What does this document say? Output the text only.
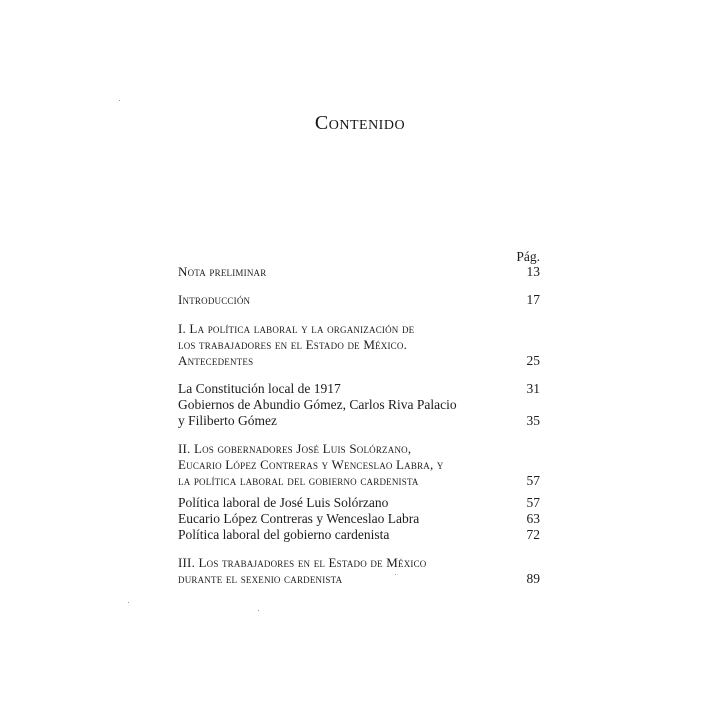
Contenido
Pág.
Nota preliminar	13
Introducción	17
I. La política laboral y la organización de
los trabajadores en el Estado de México.
Antecedentes	25
La Constitución local de 1917	31
Gobiernos de Abundio Gómez, Carlos Riva Palacio
y Filiberto Gómez	35
II. Los gobernadores José Luis Solórzano,
Eucario López Contreras y Wenceslao Labra, y
la política laboral del gobierno cardenista	57
Política laboral de José Luis Solórzano	57
Eucario López Contreras y Wenceslao Labra	63
Política laboral del gobierno cardenista	72
III. Los trabajadores en el Estado de México
durante el sexenio cardenista	89
